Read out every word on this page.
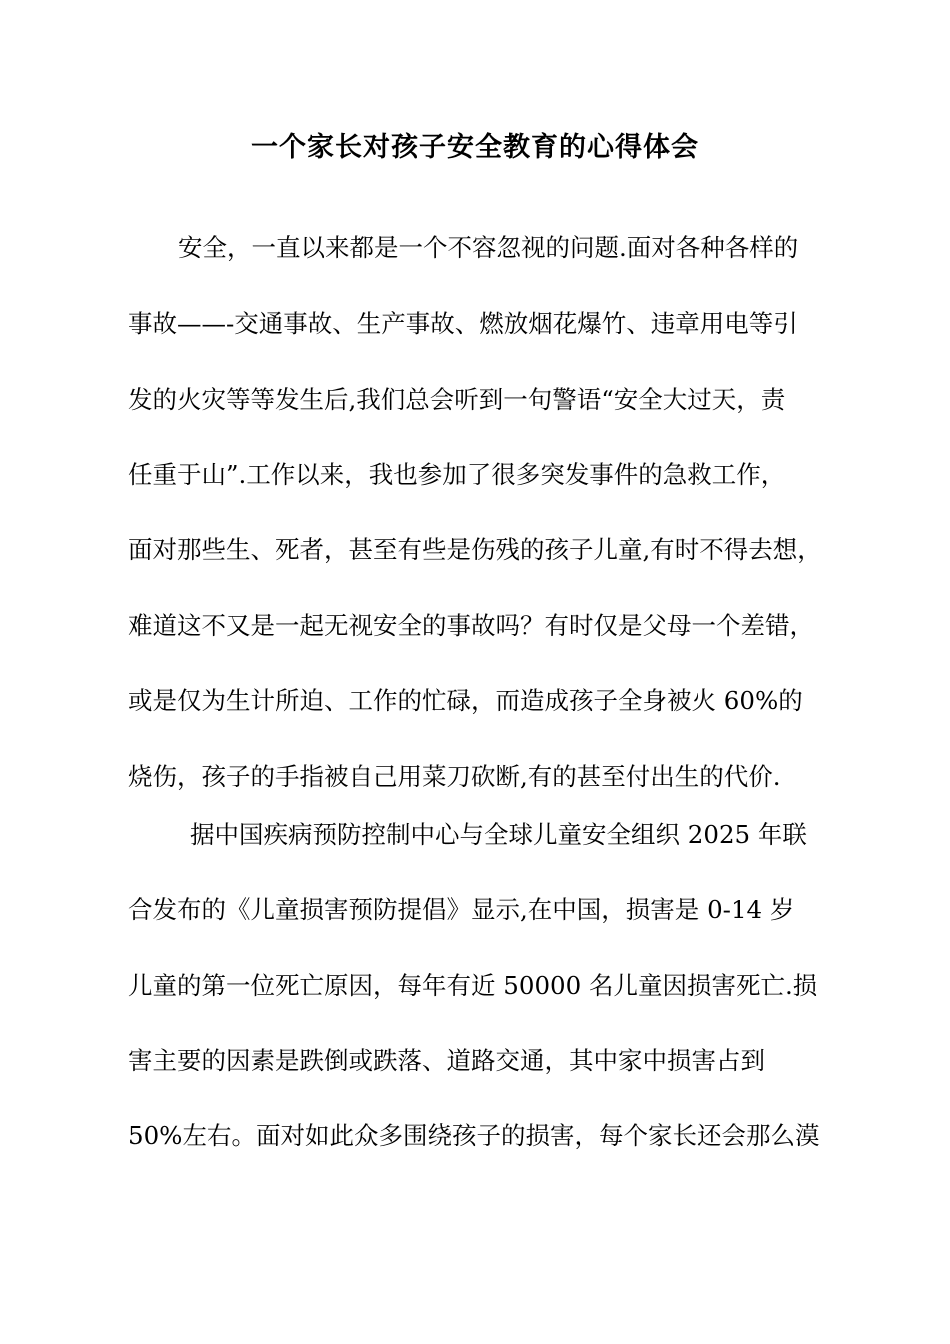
一个家长对孩子安全教育的心得体会
安全，一直以来都是一个不容忽视的问题.面对各种各样的
事故——-交通事故、生产事故、燃放烟花爆竹、违章用电等引
发的火灾等等发生后,我们总会听到一句警语“安全大过天，责
任重于山”.工作以来，我也参加了很多突发事件的急救工作，
面对那些生、死者，甚至有些是伤残的孩子儿童,有时不得去想，
难道这不又是一起无视安全的事故吗？有时仅是父母一个差错，
或是仅为生计所迫、工作的忙碌，而造成孩子全身被火 60%的
烧伤，孩子的手指被自己用菜刀砍断,有的甚至付出生的代价.
据中国疾病预防控制中心与全球儿童安全组织 2025 年联
合发布的《儿童损害预防提倡》显示,在中国，损害是 0-14 岁
儿童的第一位死亡原因，每年有近 50000 名儿童因损害死亡.损
害主要的因素是跌倒或跌落、道路交通，其中家中损害占到
50%左右。面对如此众多围绕孩子的损害，每个家长还会那么漠
